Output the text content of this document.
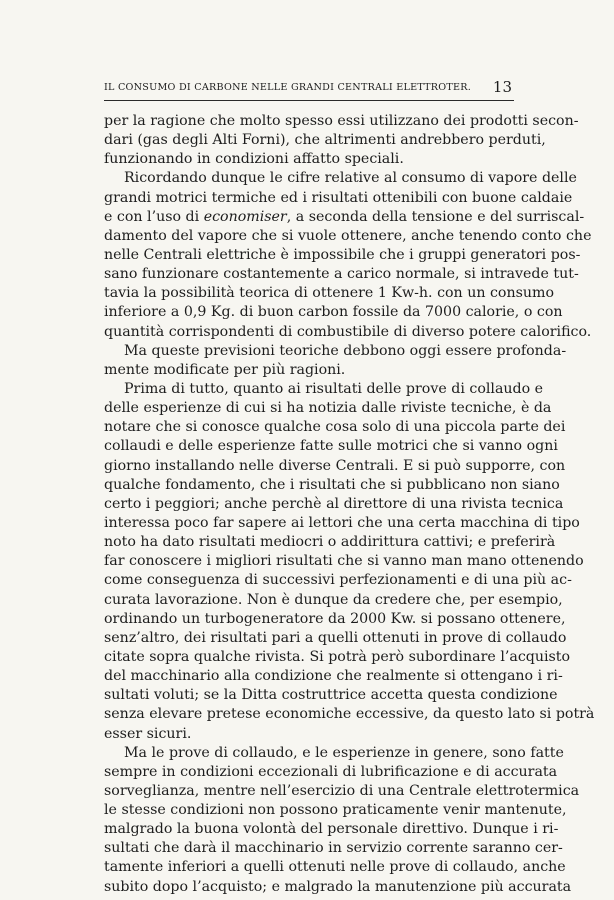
IL CONSUMO DI CARBONE NELLE GRANDI CENTRALI ELETTROTER. 13
per la ragione che molto spesso essi utilizzano dei prodotti secon-
dari (gas degli Alti Forni), che altrimenti andrebbero perduti,
funzionando in condizioni affatto speciali.
Ricordando dunque le cifre relative al consumo di vapore delle
grandi motrici termiche ed i risultati ottenibili con buone caldaie
e con l’uso di economiser, a seconda della tensione e del surriscal-
damento del vapore che si vuole ottenere, anche tenendo conto che
nelle Centrali elettriche è impossibile che i gruppi generatori pos-
sano funzionare costantemente a carico normale, si intravede tut-
tavia la possibilità teorica di ottenere 1 Kw-h. con un consumo
inferiore a 0,9 Kg. di buon carbon fossile da 7000 calorie, o con
quantità corrispondenti di combustibile di diverso potere calorifico.
Ma queste previsioni teoriche debbono oggi essere profonda-
mente modificate per più ragioni.
Prima di tutto, quanto ai risultati delle prove di collaudo e
delle esperienze di cui si ha notizia dalle riviste tecniche, è da
notare che si conosce qualche cosa solo di una piccola parte dei
collaudi e delle esperienze fatte sulle motrici che si vanno ogni
giorno installando nelle diverse Centrali. E si può supporre, con
qualche fondamento, che i risultati che si pubblicano non siano
certo i peggiori; anche perchè al direttore di una rivista tecnica
interessa poco far sapere ai lettori che una certa macchina di tipo
noto ha dato risultati mediocri o addirittura cattivi; e preferirà
far conoscere i migliori risultati che si vanno man mano ottenendo
come conseguenza di successivi perfezionamenti e di una più ac-
curata lavorazione. Non è dunque da credere che, per esempio,
ordinando un turbogeneratore da 2000 Kw. si possano ottenere,
senz’altro, dei risultati pari a quelli ottenuti in prove di collaudo
citate sopra qualche rivista. Si potrà però subordinare l’acquisto
del macchinario alla condizione che realmente si ottengano i ri-
sultati voluti; se la Ditta costruttrice accetta questa condizione
senza elevare pretese economiche eccessive, da questo lato si potrà
esser sicuri.
Ma le prove di collaudo, e le esperienze in genere, sono fatte
sempre in condizioni eccezionali di lubrificazione e di accurata
sorveglianza, mentre nell’esercizio di una Centrale elettrotermica
le stesse condizioni non possono praticamente venir mantenute,
malgrado la buona volontà del personale direttivo. Dunque i ri-
sultati che darà il macchinario in servizio corrente saranno cer-
tamente inferiori a quelli ottenuti nelle prove di collaudo, anche
subito dopo l’acquisto; e malgrado la manutenzione più accurata
